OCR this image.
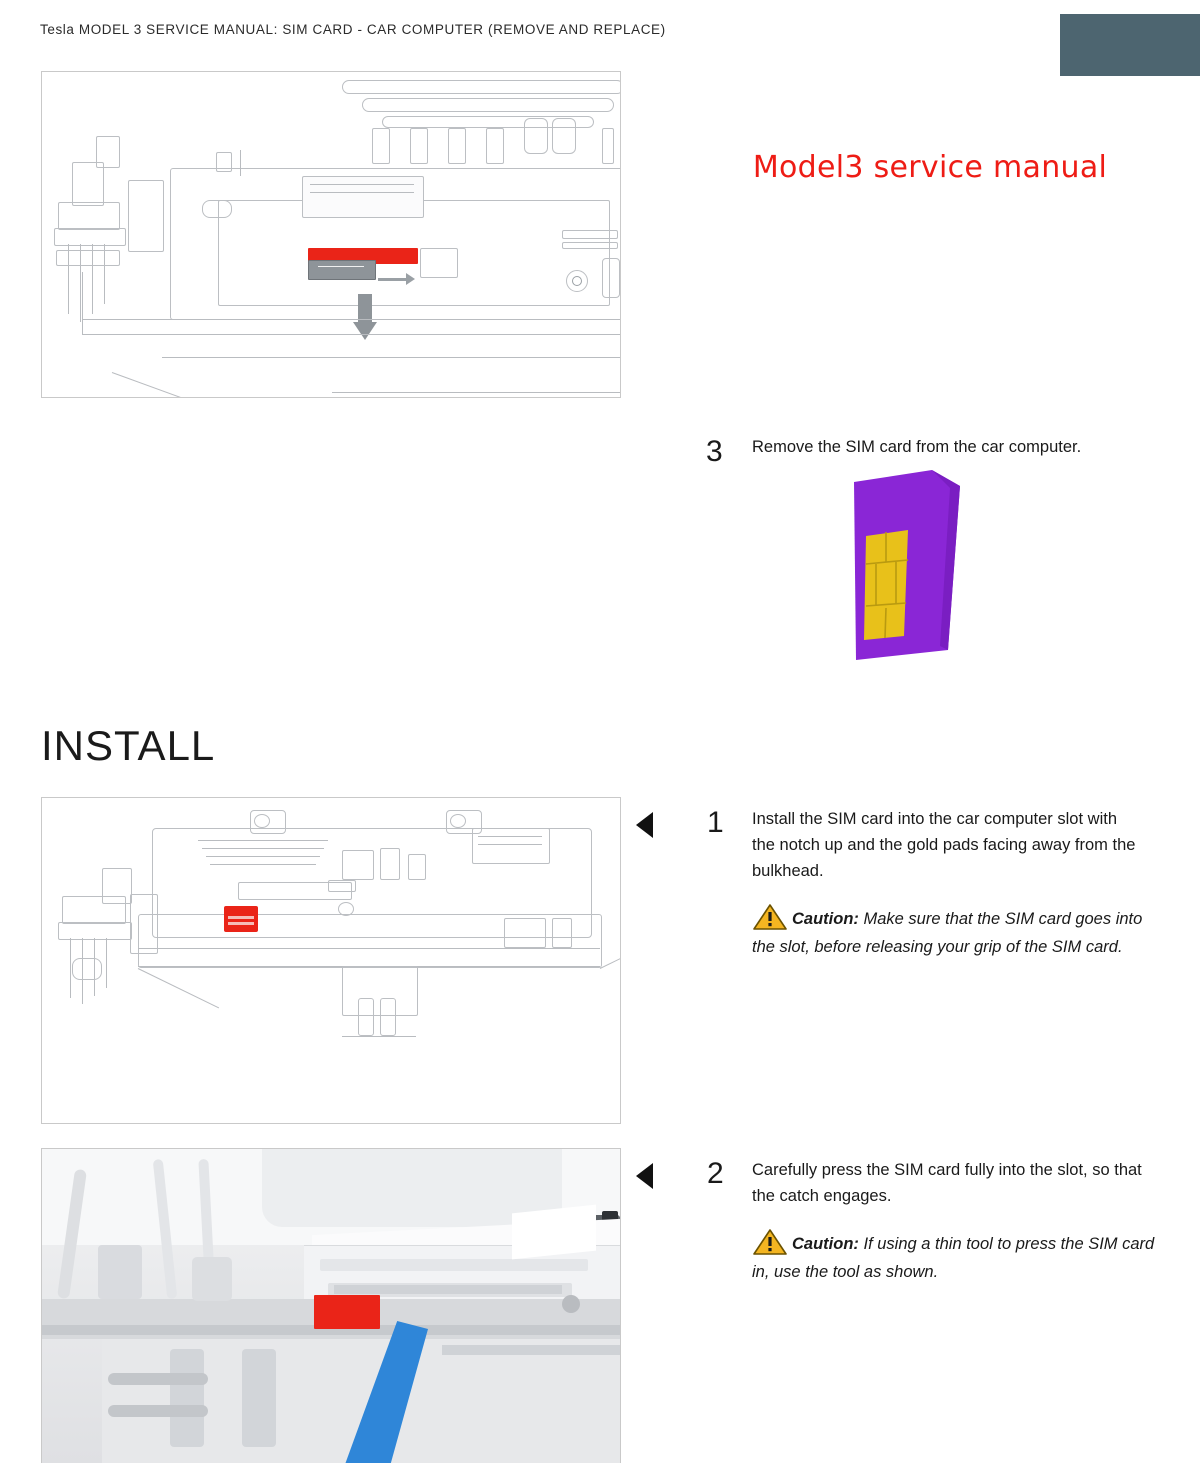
Tesla MODEL 3 SERVICE MANUAL: SIM CARD - CAR COMPUTER (REMOVE AND REPLACE)
Model3 service manual
3 Remove the SIM card from the car computer.
INSTALL
1 Install the SIM card into the car computer slot with the notch up and the gold pads facing away from the bulkhead.
Caution: Make sure that the SIM card goes into the slot, before releasing your grip of the SIM card.
2 Carefully press the SIM card fully into the slot, so that the catch engages.
Caution: If using a thin tool to press the SIM card in, use the tool as shown.
